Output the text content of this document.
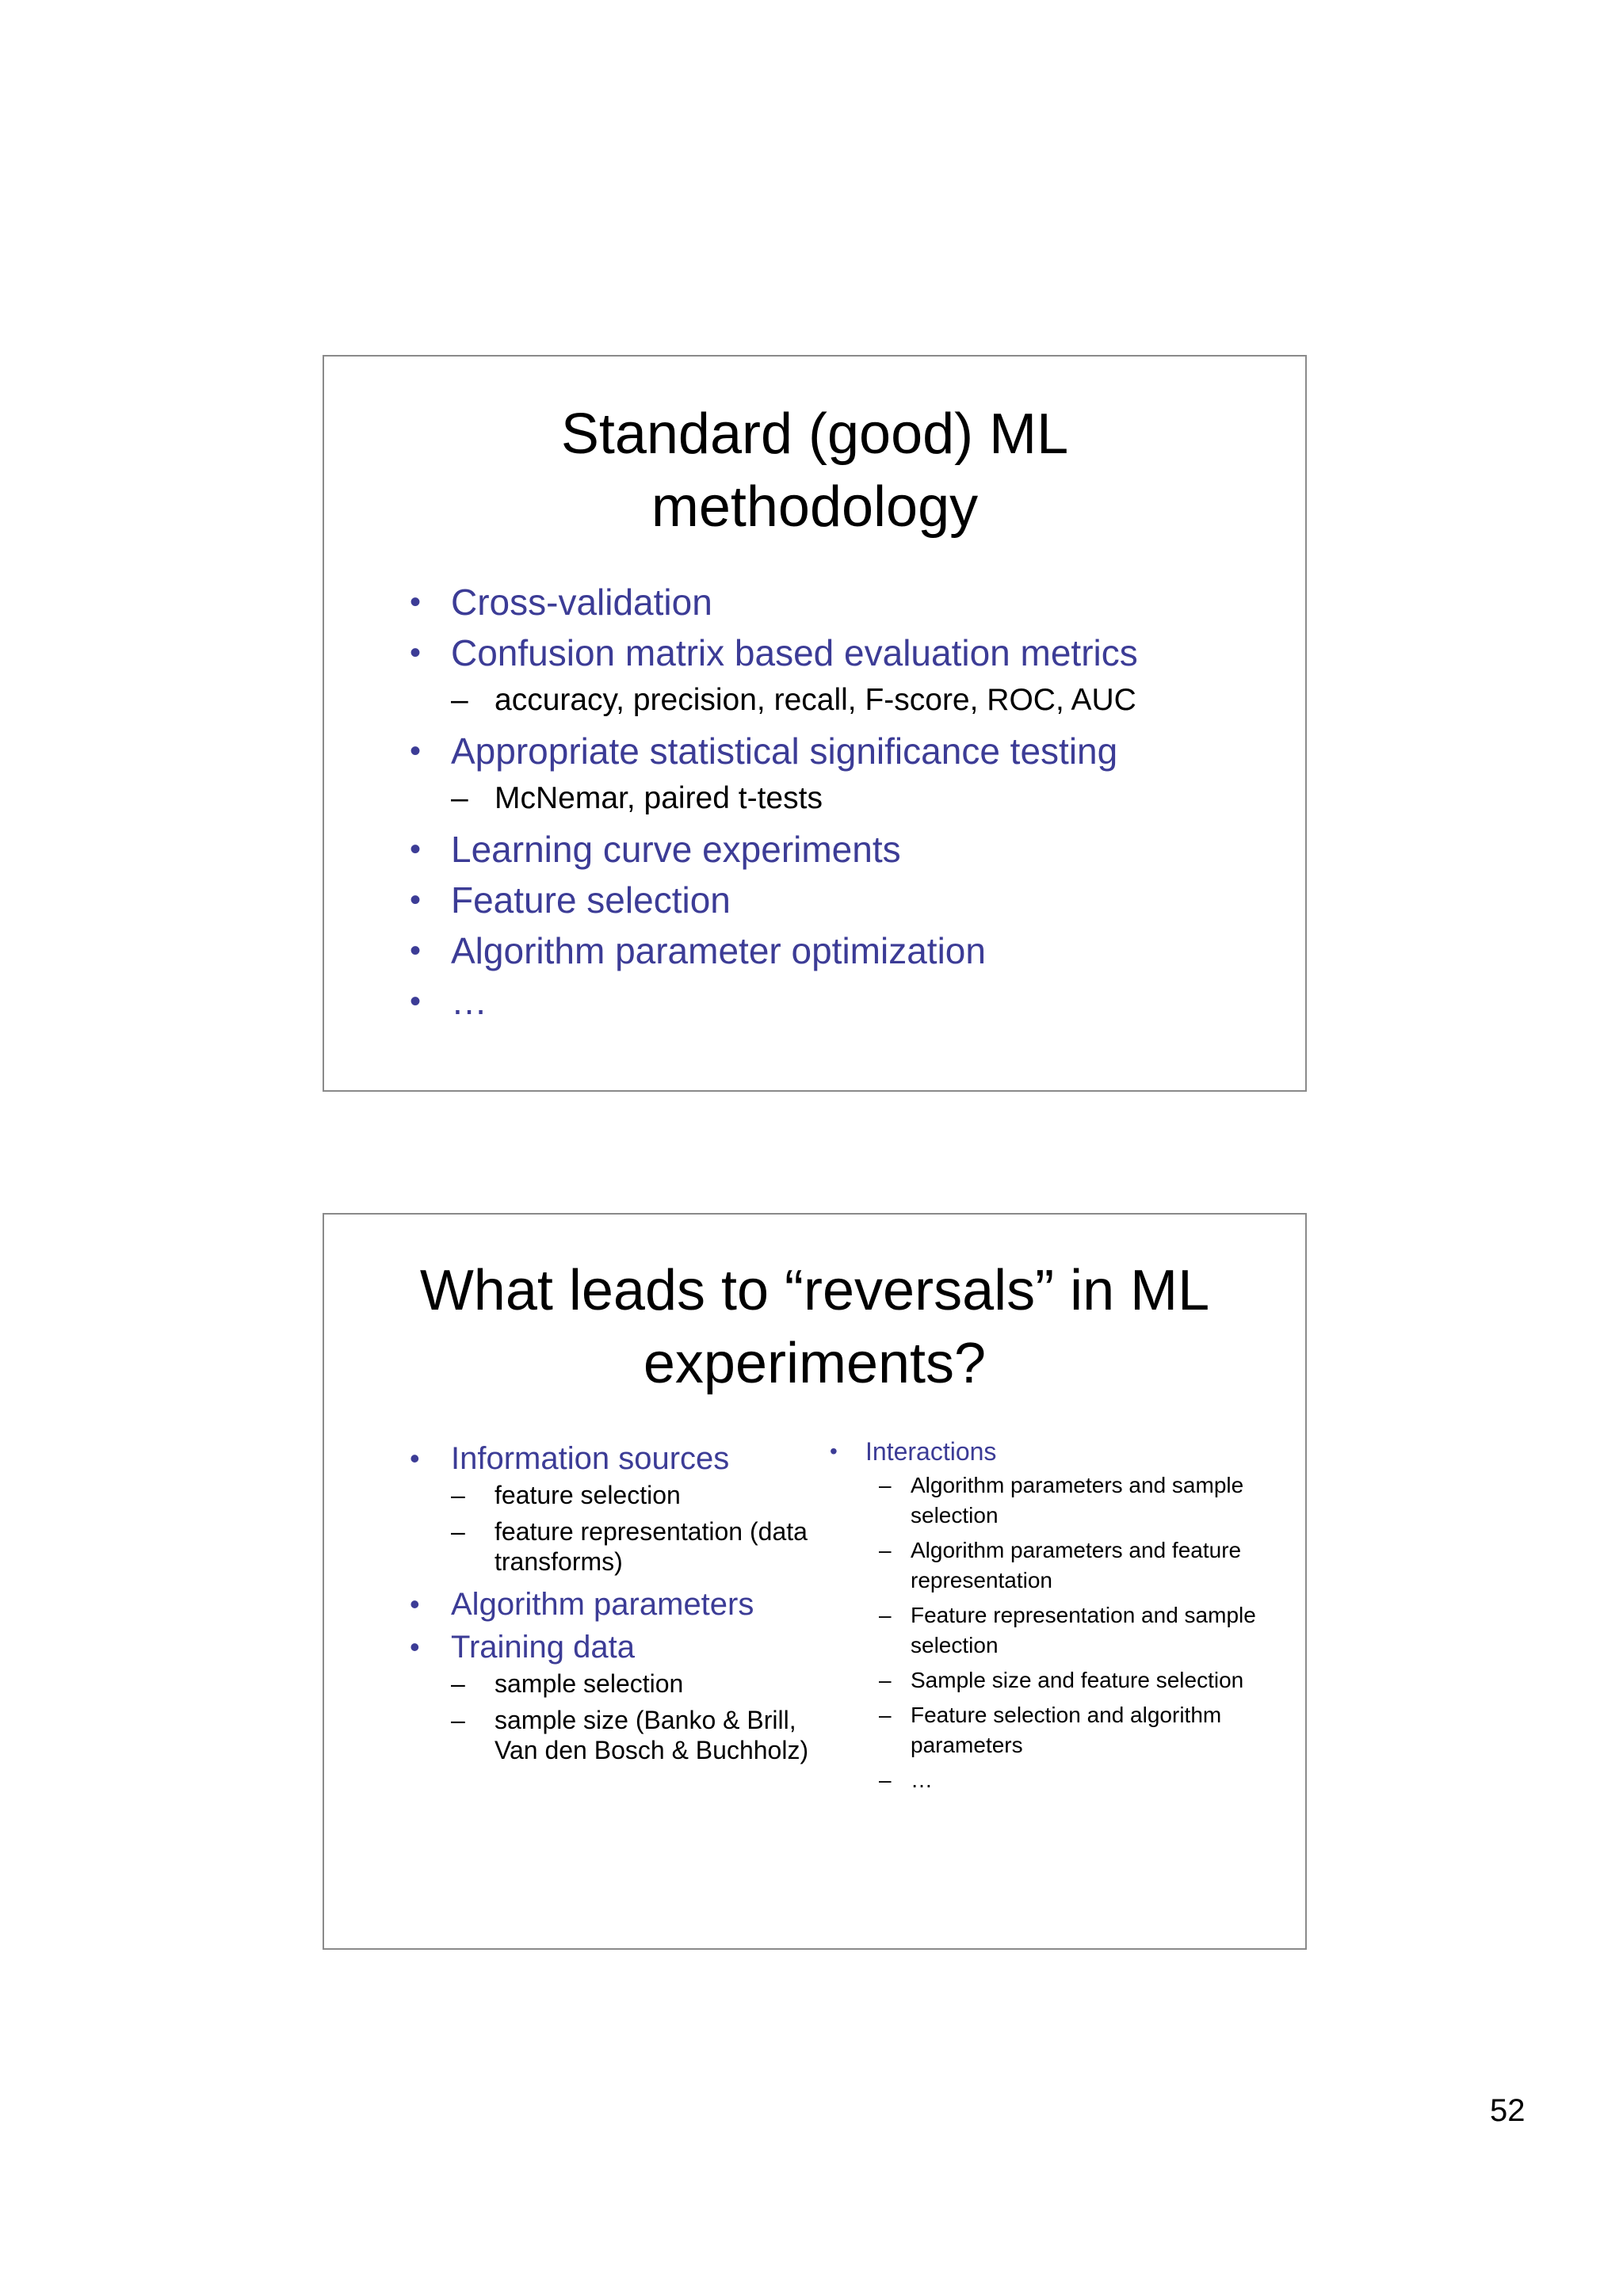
Standard (good) ML
methodology
• Cross-validation
• Confusion matrix based evaluation metrics
– accuracy, precision, recall, F-score, ROC, AUC
• Appropriate statistical significance testing
– McNemar, paired t-tests
• Learning curve experiments
• Feature selection
• Algorithm parameter optimization
• …
What leads to “reversals” in ML
experiments?
• Information sources
– feature selection
– feature representation (data transforms)
• Algorithm parameters
• Training data
– sample selection
– sample size (Banko & Brill, Van den Bosch & Buchholz)
• Interactions
– Algorithm parameters and sample selection
– Algorithm parameters and feature representation
– Feature representation and sample selection
– Sample size and feature selection
– Feature selection and algorithm parameters
– …
52
